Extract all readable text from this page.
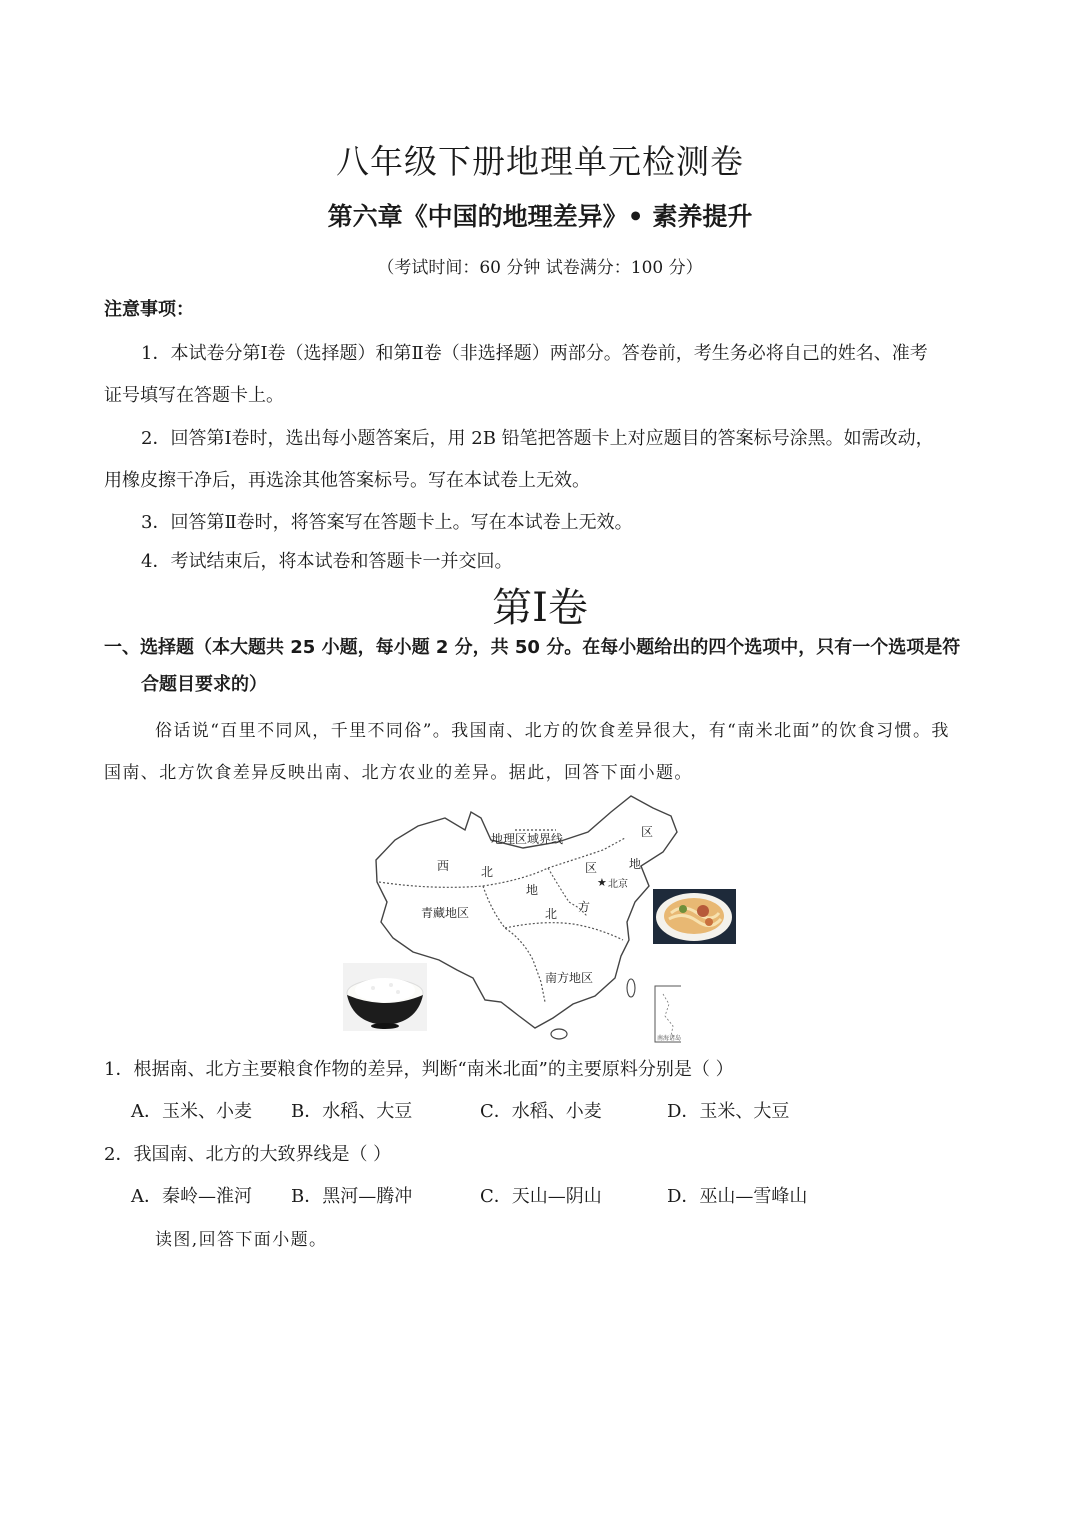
八年级下册地理单元检测卷
第六章《中国的地理差异》• 素养提升
（考试时间：60 分钟 试卷满分：100 分）
注意事项：
1．本试卷分第Ⅰ卷（选择题）和第Ⅱ卷（非选择题）两部分。答卷前，考生务必将自己的姓名、准考
证号填写在答题卡上。
2．回答第Ⅰ卷时，选出每小题答案后，用 2B 铅笔把答题卡上对应题目的答案标号涂黑。如需改动，
用橡皮擦干净后，再选涂其他答案标号。写在本试卷上无效。
3．回答第Ⅱ卷时，将答案写在答题卡上。写在本试卷上无效。
4．考试结束后，将本试卷和答题卡一并交回。
第Ⅰ卷
一、选择题（本大题共 25 小题，每小题 2 分，共 50 分。在每小题给出的四个选项中，只有一个选项是符
合题目要求的）
俗话说“百里不同风，千里不同俗”。我国南、北方的饮食差异很大，有“南米北面”的饮食习惯。我
国南、北方饮食差异反映出南、北方农业的差异。据此，回答下面小题。
地理区域界线
西	北	区	地
区
地
北 方
★ 北京
青藏地区
南方地区
南海诸岛
1．根据南、北方主要粮食作物的差异，判断“南米北面”的主要原料分别是（ ）
A．玉米、小麦 B．水稻、大豆	C．水稻、小麦	D．玉米、大豆
2．我国南、北方的大致界线是（ ）
A．秦岭—淮河 B．黑河—腾冲	C．天山—阴山	D．巫山—雪峰山
读图,回答下面小题。
